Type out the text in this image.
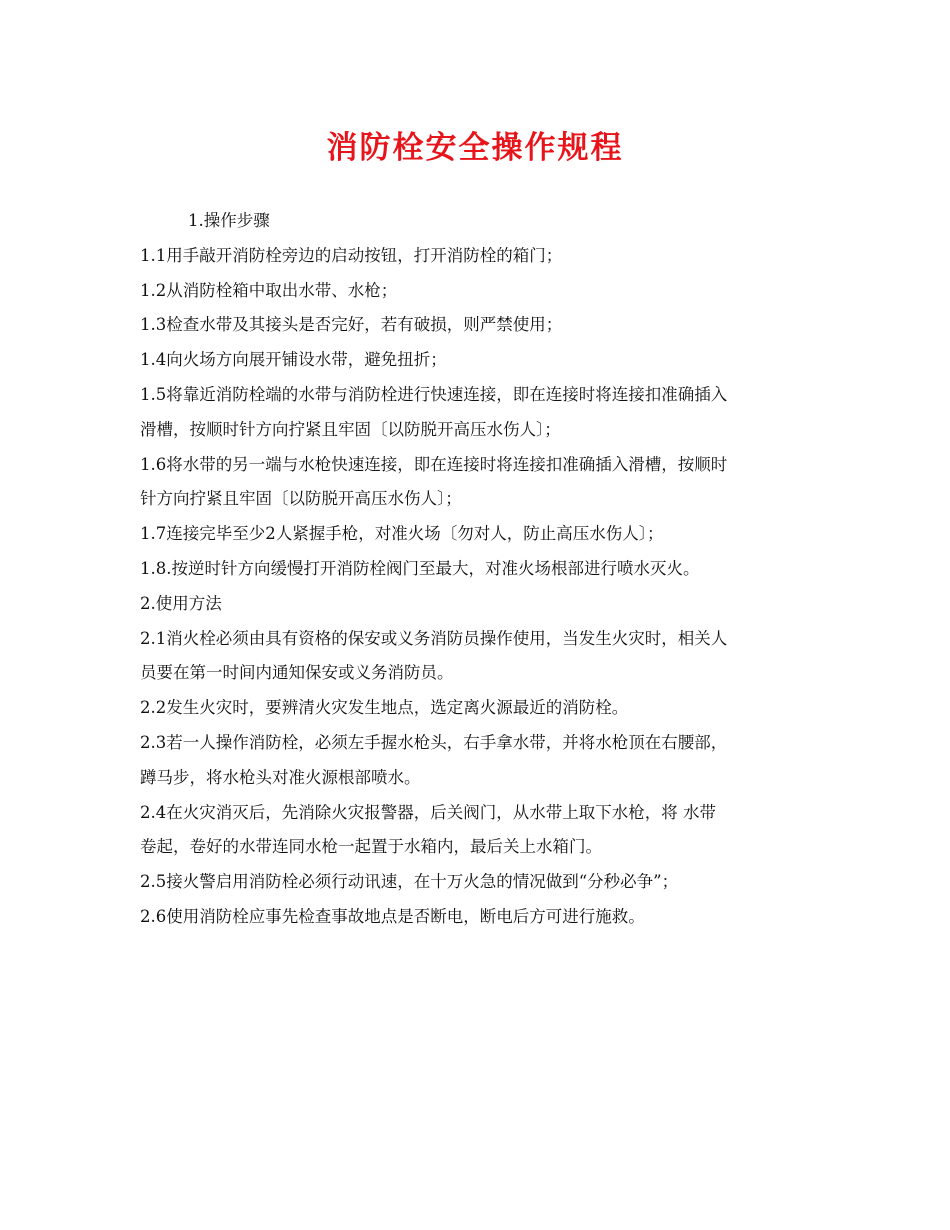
消防栓安全操作规程
1.操作步骤
1.1用手敲开消防栓旁边的启动按钮，打开消防栓的箱门；
1.2从消防栓箱中取出水带、水枪；
1.3检查水带及其接头是否完好，若有破损，则严禁使用；
1.4向火场方向展开铺设水带，避免扭折；
1.5将靠近消防栓端的水带与消防栓进行快速连接，即在连接时将连接扣准确插入
滑槽，按顺时针方向拧紧且牢固〔以防脱开高压水伤人〕；
1.6将水带的另一端与水枪快速连接，即在连接时将连接扣准确插入滑槽，按顺时
针方向拧紧且牢固〔以防脱开高压水伤人〕；
1.7连接完毕至少2人紧握手枪，对准火场〔勿对人，防止高压水伤人〕；
1.8.按逆时针方向缓慢打开消防栓阀门至最大，对准火场根部进行喷水灭火。
2.使用方法
2.1消火栓必须由具有资格的保安或义务消防员操作使用，当发生火灾时，相关人
员要在第一时间内通知保安或义务消防员。
2.2发生火灾时，要辨清火灾发生地点，选定离火源最近的消防栓。
2.3若一人操作消防栓，必须左手握水枪头，右手拿水带，并将水枪顶在右腰部，
蹲马步，将水枪头对准火源根部喷水。
2.4在火灾消灭后，先消除火灾报警器，后关阀门，从水带上取下水枪，将 水带
卷起，卷好的水带连同水枪一起置于水箱内，最后关上水箱门。
2.5接火警启用消防栓必须行动讯速，在十万火急的情况做到“分秒必争”；
2.6使用消防栓应事先检查事故地点是否断电，断电后方可进行施救。
